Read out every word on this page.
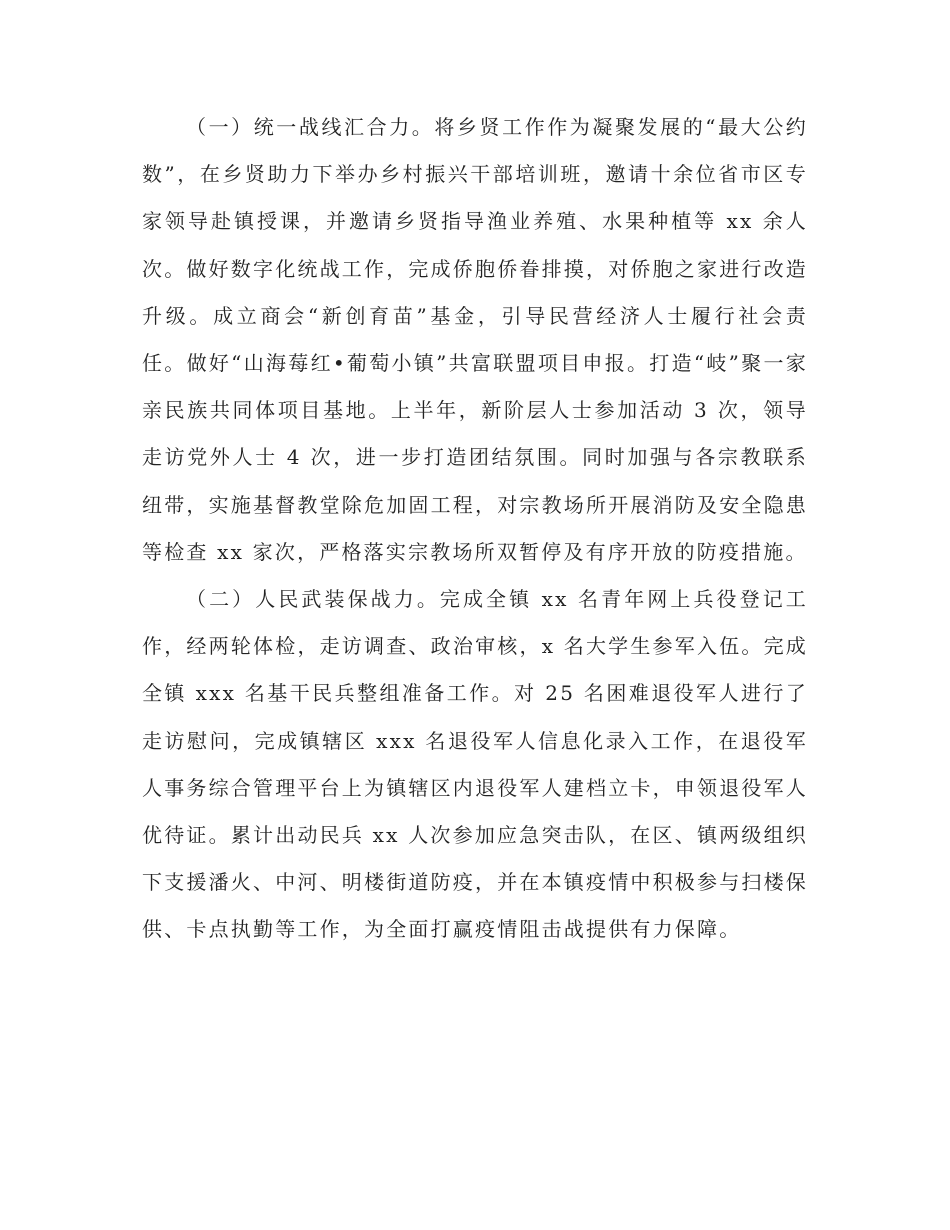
（一）统一战线汇合力。将乡贤工作作为凝聚发展的“最大公约数”，在乡贤助力下举办乡村振兴干部培训班，邀请十余位省市区专家领导赴镇授课，并邀请乡贤指导渔业养殖、水果种植等 xx 余人次。做好数字化统战工作，完成侨胞侨眷排摸，对侨胞之家进行改造升级。成立商会“新创育苗”基金，引导民营经济人士履行社会责任。做好“山海莓红•葡萄小镇”共富联盟项目申报。打造“岐”聚一家亲民族共同体项目基地。上半年，新阶层人士参加活动 3 次，领导走访党外人士 4 次，进一步打造团结氛围。同时加强与各宗教联系纽带，实施基督教堂除危加固工程，对宗教场所开展消防及安全隐患等检查 xx 家次，严格落实宗教场所双暂停及有序开放的防疫措施。

（二）人民武装保战力。完成全镇 xx 名青年网上兵役登记工作，经两轮体检，走访调查、政治审核，x 名大学生参军入伍。完成全镇 xxx 名基干民兵整组准备工作。对 25 名困难退役军人进行了走访慰问，完成镇辖区 xxx 名退役军人信息化录入工作，在退役军人事务综合管理平台上为镇辖区内退役军人建档立卡，申领退役军人优待证。累计出动民兵 xx 人次参加应急突击队，在区、镇两级组织下支援潘火、中河、明楼街道防疫，并在本镇疫情中积极参与扫楼保供、卡点执勤等工作，为全面打赢疫情阻击战提供有力保障。
